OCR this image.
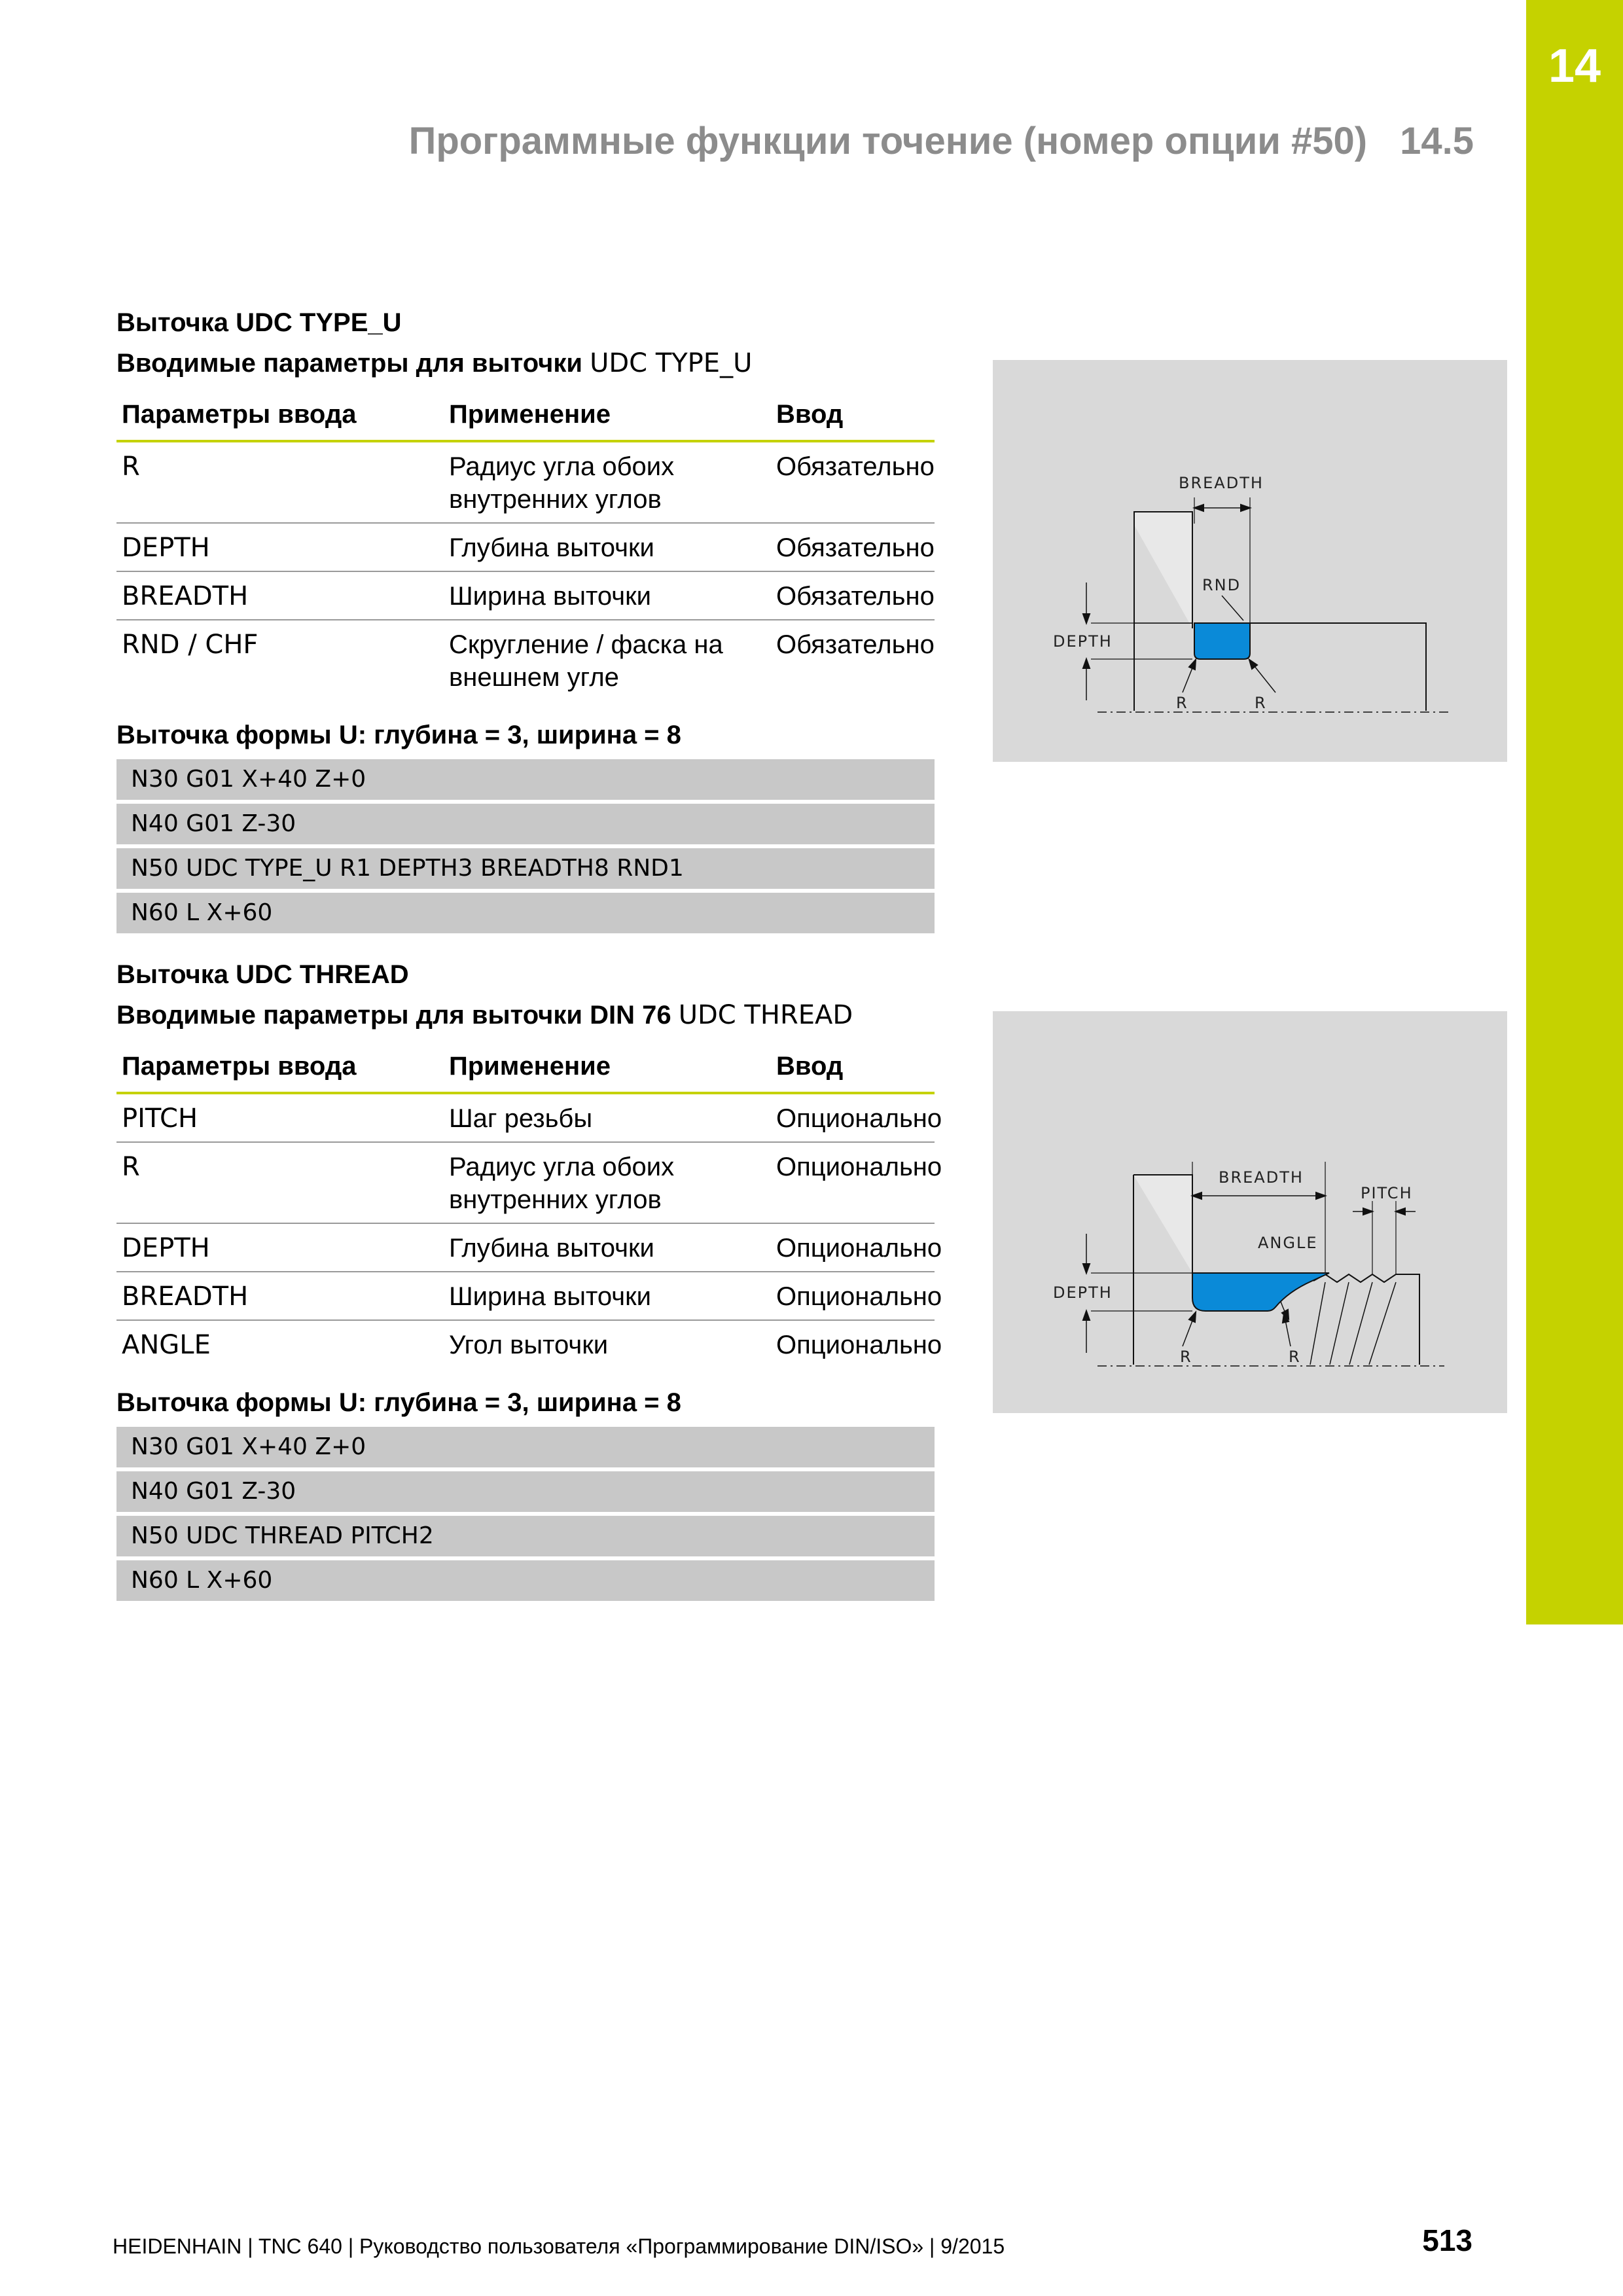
14
Программные функции точение (номер опции #50) 14.5
Выточка UDC TYPE_U
Вводимые параметры для выточки UDC TYPE_U
Параметры ввода	Применение	Ввод
R	Радиус угла обоих внутренних углов	Обязательно
DEPTH	Глубина выточки	Обязательно
BREADTH	Ширина выточки	Обязательно
RND / CHF	Скругление / фаска на внешнем угле	Обязательно
Выточка формы U: глубина = 3, ширина = 8
N30 G01 X+40 Z+0
N40 G01 Z-30
N50 UDC TYPE_U R1 DEPTH3 BREADTH8 RND1
N60 L X+60
Выточка UDC THREAD
Вводимые параметры для выточки DIN 76 UDC THREAD
Параметры ввода	Применение	Ввод
PITCH	Шаг резьбы	Опционально
R	Радиус угла обоих внутренних углов	Опционально
DEPTH	Глубина выточки	Опционально
BREADTH	Ширина выточки	Опционально
ANGLE	Угол выточки	Опционально
Выточка формы U: глубина = 3, ширина = 8
N30 G01 X+40 Z+0
N40 G01 Z-30
N50 UDC THREAD PITCH2
N60 L X+60
BREADTH
RND
DEPTH
R	R
BREADTH
PITCH
ANGLE
DEPTH
R	R
HEIDENHAIN | TNC 640 | Руководство пользователя «Программирование DIN/ISO» | 9/2015	513
